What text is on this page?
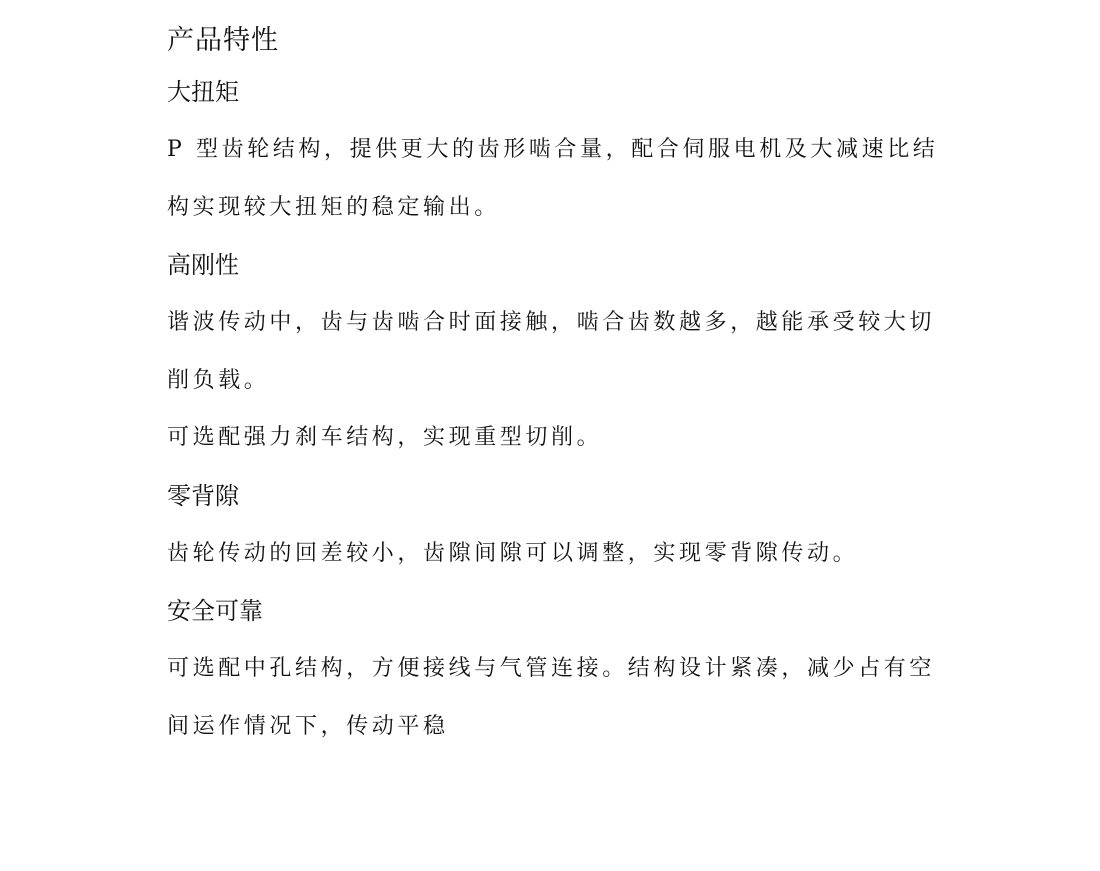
产品特性
大扭矩

P 型齿轮结构，提供更大的齿形啮合量，配合伺服电机及大减速比结构实现较大扭矩的稳定输出。

高刚性

谐波传动中，齿与齿啮合时面接触，啮合齿数越多，越能承受较大切削负载。

可选配强力刹车结构，实现重型切削。

零背隙

齿轮传动的回差较小，齿隙间隙可以调整，实现零背隙传动。

安全可靠

可选配中孔结构，方便接线与气管连接。结构设计紧凑，减少占有空间运作情况下，传动平稳
